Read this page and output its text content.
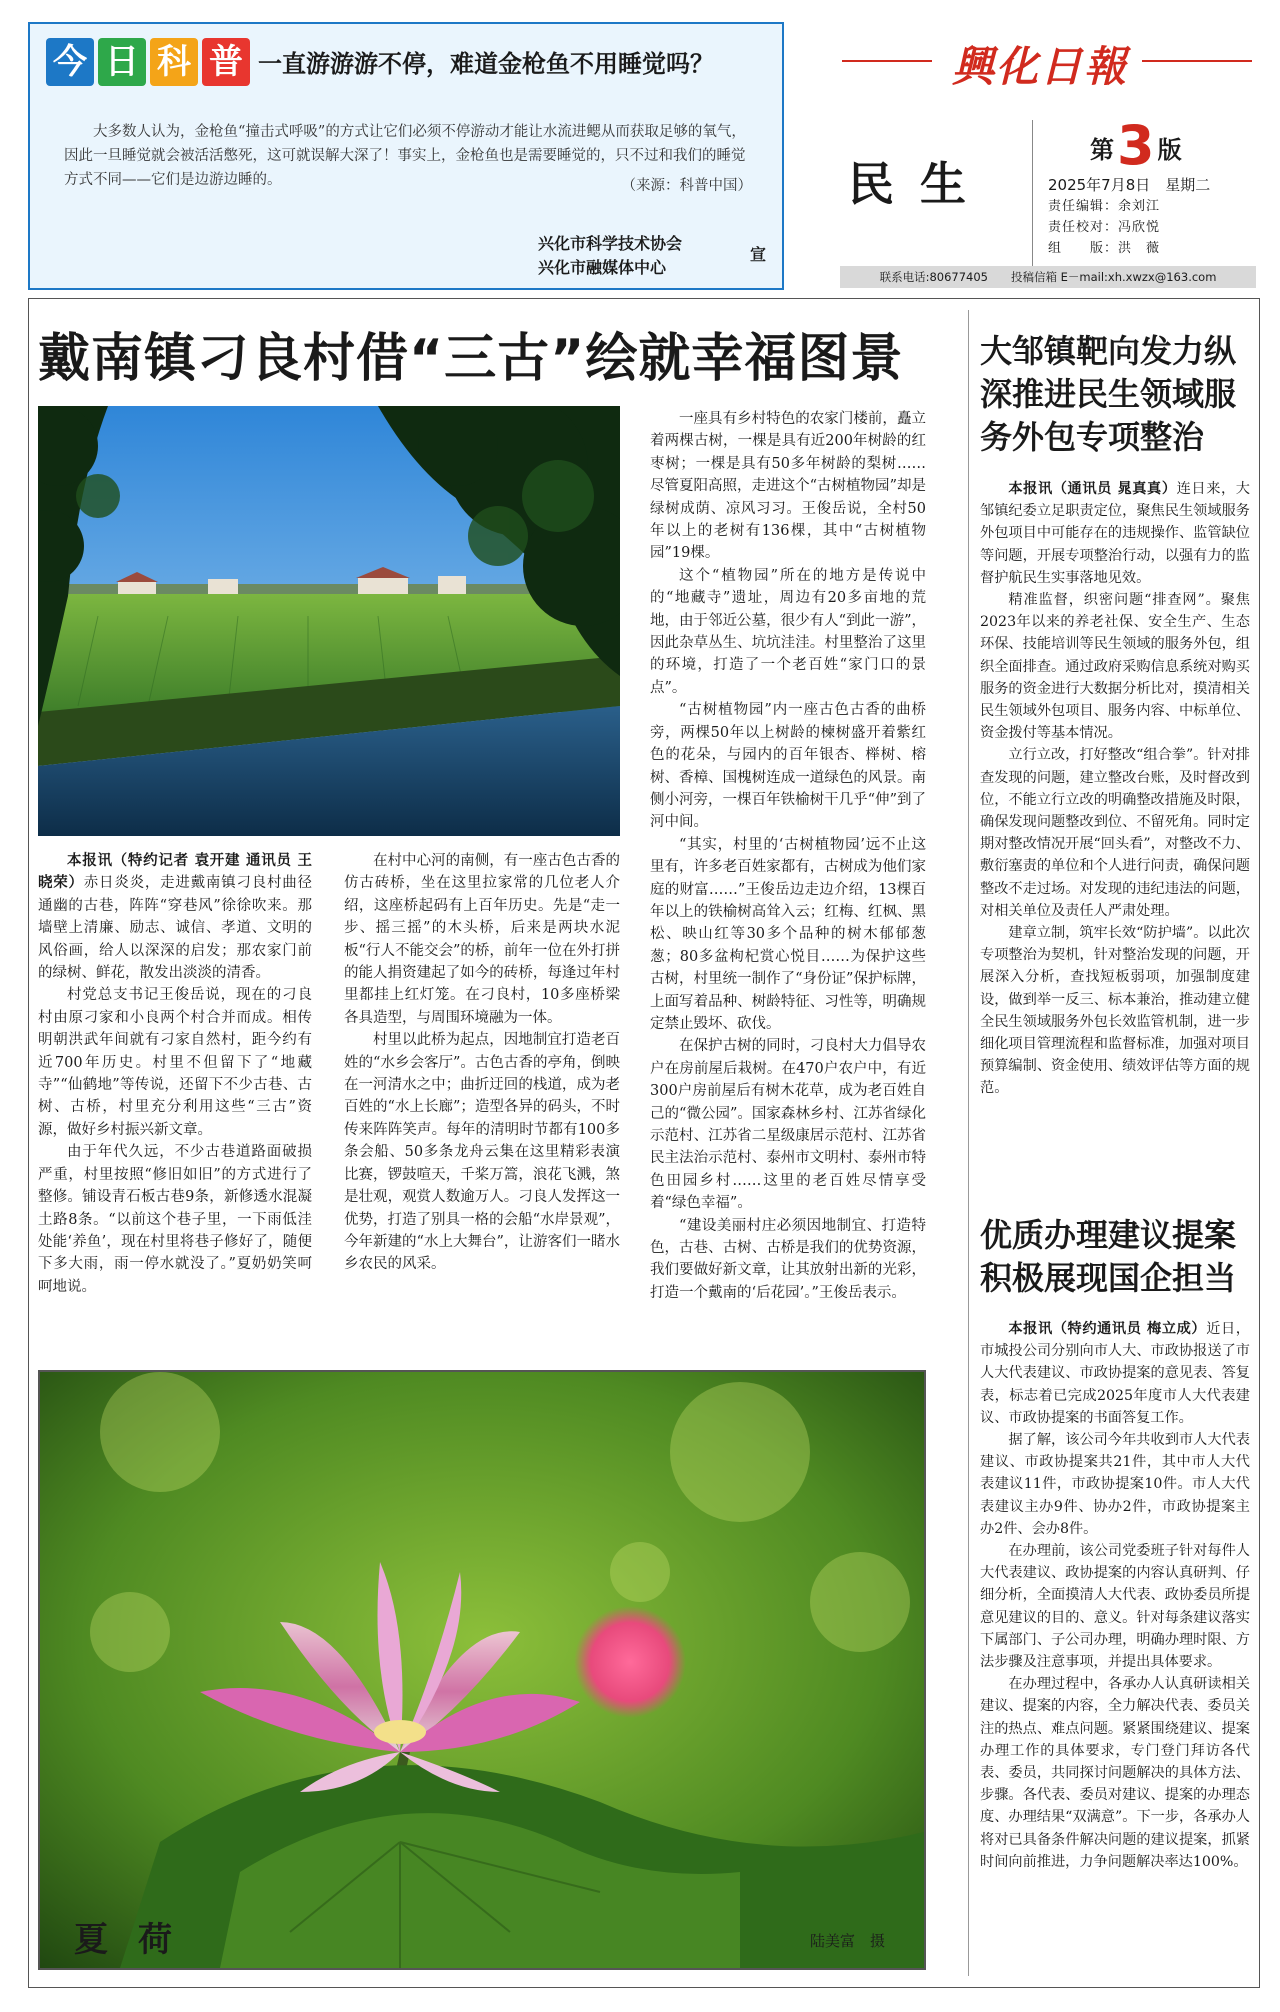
今 日 科 普 一直游游游不停，难道金枪鱼不用睡觉吗？
大多数人认为，金枪鱼“撞击式呼吸”的方式让它们必须不停游动才能让水流进鳃从而获取足够的氧气，因此一旦睡觉就会被活活憋死，这可就误解大深了！事实上，金枪鱼也是需要睡觉的，只不过和我们的睡觉方式不同——它们是边游边睡的。	（来源：科普中国）
兴化市科学技术协会
兴化市融媒体中心
宣
興化日報
民生
第3 版
2025年7月8日　星期二
责任编辑：余刘江
责任校对：冯欣悦
组　　版：洪　薇
联系电话:80677405　　投稿信箱 E－mail:xh.xwzx@163.com
戴南镇刁良村借“三古”绘就幸福图景

本报讯（特约记者 袁开建 通讯员 王晓荣）赤日炎炎，走进戴南镇刁良村曲径通幽的古巷，阵阵“穿巷风”徐徐吹来。那墙壁上清廉、励志、诚信、孝道、文明的风俗画，给人以深深的启发；那农家门前的绿树、鲜花，散发出淡淡的清香。

村党总支书记王俊岳说，现在的刁良村由原刁家和小良两个村合并而成。相传明朝洪武年间就有刁家自然村，距今约有近700年历史。村里不但留下了“地藏寺”“仙鹤地”等传说，还留下不少古巷、古树、古桥，村里充分利用这些“三古”资源，做好乡村振兴新文章。

由于年代久远，不少古巷道路面破损严重，村里按照“修旧如旧”的方式进行了整修。铺设青石板古巷9条，新修透水混凝土路8条。“以前这个巷子里，一下雨低洼处能‘养鱼’，现在村里将巷子修好了，随便下多大雨，雨一停水就没了。”夏奶奶笑呵呵地说。

在村中心河的南侧，有一座古色古香的仿古砖桥，坐在这里拉家常的几位老人介绍，这座桥起码有上百年历史。先是“走一步、摇三摇”的木头桥，后来是两块水泥板“行人不能交会”的桥，前年一位在外打拼的能人捐资建起了如今的砖桥，每逢过年村里都挂上红灯笼。在刁良村，10多座桥梁各具造型，与周围环境融为一体。

村里以此桥为起点，因地制宜打造老百姓的“水乡会客厅”。古色古香的亭角，倒映在一河清水之中；曲折迂回的栈道，成为老百姓的“水上长廊”；造型各异的码头，不时传来阵阵笑声。每年的清明时节都有100多条会船、50多条龙舟云集在这里精彩表演比赛，锣鼓喧天，千桨万篙，浪花飞溅，煞是壮观，观赏人数逾万人。刁良人发挥这一优势，打造了别具一格的会船“水岸景观”，今年新建的“水上大舞台”，让游客们一睹水乡农民的风采。

一座具有乡村特色的农家门楼前，矗立着两棵古树，一棵是具有近200年树龄的红枣树；一棵是具有50多年树龄的梨树……尽管夏阳高照，走进这个“古树植物园”却是绿树成荫、凉风习习。王俊岳说，全村50年以上的老树有136棵，其中“古树植物园”19棵。

这个“植物园”所在的地方是传说中的“地藏寺”遗址，周边有20多亩地的荒地，由于邻近公墓，很少有人“到此一游”，因此杂草丛生、坑坑洼洼。村里整治了这里的环境，打造了一个老百姓“家门口的景点”。

“古树植物园”内一座古色古香的曲桥旁，两棵50年以上树龄的楝树盛开着紫红色的花朵，与园内的百年银杏、榉树、榕树、香樟、国槐树连成一道绿色的风景。南侧小河旁，一棵百年铁榆树干几乎“伸”到了河中间。

“其实，村里的‘古树植物园’远不止这里有，许多老百姓家都有，古树成为他们家庭的财富……”王俊岳边走边介绍，13棵百年以上的铁榆树高耸入云；红梅、红枫、黑松、映山红等30多个品种的树木郁郁葱葱；80多盆枸杞赏心悦目……为保护这些古树，村里统一制作了“身份证”保护标牌，上面写着品种、树龄特征、习性等，明确规定禁止毁坏、砍伐。

在保护古树的同时，刁良村大力倡导农户在房前屋后栽树。在470户农户中，有近300户房前屋后有树木花草，成为老百姓自己的“微公园”。国家森林乡村、江苏省绿化示范村、江苏省二星级康居示范村、江苏省民主法治示范村、泰州市文明村、泰州市特色田园乡村……这里的老百姓尽情享受着“绿色幸福”。

“建设美丽村庄必须因地制宜、打造特色，古巷、古树、古桥是我们的优势资源，我们要做好新文章，让其放射出新的光彩，打造一个戴南的‘后花园’。”王俊岳表示。

夏荷	陆美富　摄
大邹镇靶向发力纵深推进民生领域服务外包专项整治

本报讯（通讯员 晁真真）连日来，大邹镇纪委立足职责定位，聚焦民生领域服务外包项目中可能存在的违规操作、监管缺位等问题，开展专项整治行动，以强有力的监督护航民生实事落地见效。

精准监督，织密问题“排查网”。聚焦2023年以来的养老社保、安全生产、生态环保、技能培训等民生领域的服务外包，组织全面排查。通过政府采购信息系统对购买服务的资金进行大数据分析比对，摸清相关民生领域外包项目、服务内容、中标单位、资金拨付等基本情况。

立行立改，打好整改“组合拳”。针对排查发现的问题，建立整改台账，及时督改到位，不能立行立改的明确整改措施及时限，确保发现问题整改到位、不留死角。同时定期对整改情况开展“回头看”，对整改不力、敷衍塞责的单位和个人进行问责，确保问题整改不走过场。对发现的违纪违法的问题，对相关单位及责任人严肃处理。

建章立制，筑牢长效“防护墙”。以此次专项整治为契机，针对整治发现的问题，开展深入分析，查找短板弱项，加强制度建设，做到举一反三、标本兼治，推动建立健全民生领域服务外包长效监管机制，进一步细化项目管理流程和监督标准，加强对项目预算编制、资金使用、绩效评估等方面的规范。

优质办理建议提案积极展现国企担当

本报讯（特约通讯员 梅立成）近日，市城投公司分别向市人大、市政协报送了市人大代表建议、市政协提案的意见表、答复表，标志着已完成2025年度市人大代表建议、市政协提案的书面答复工作。

据了解，该公司今年共收到市人大代表建议、市政协提案共21件，其中市人大代表建议11件，市政协提案10件。市人大代表建议主办9件、协办2件，市政协提案主办2件、会办8件。

在办理前，该公司党委班子针对每件人大代表建议、政协提案的内容认真研判、仔细分析，全面摸清人大代表、政协委员所提意见建议的目的、意义。针对每条建议落实下属部门、子公司办理，明确办理时限、方法步骤及注意事项，并提出具体要求。

在办理过程中，各承办人认真研读相关建议、提案的内容，全力解决代表、委员关注的热点、难点问题。紧紧围绕建议、提案办理工作的具体要求，专门登门拜访各代表、委员，共同探讨问题解决的具体方法、步骤。各代表、委员对建议、提案的办理态度、办理结果“双满意”。下一步，各承办人将对已具备条件解决问题的建议提案，抓紧时间向前推进，力争问题解决率达100%。
